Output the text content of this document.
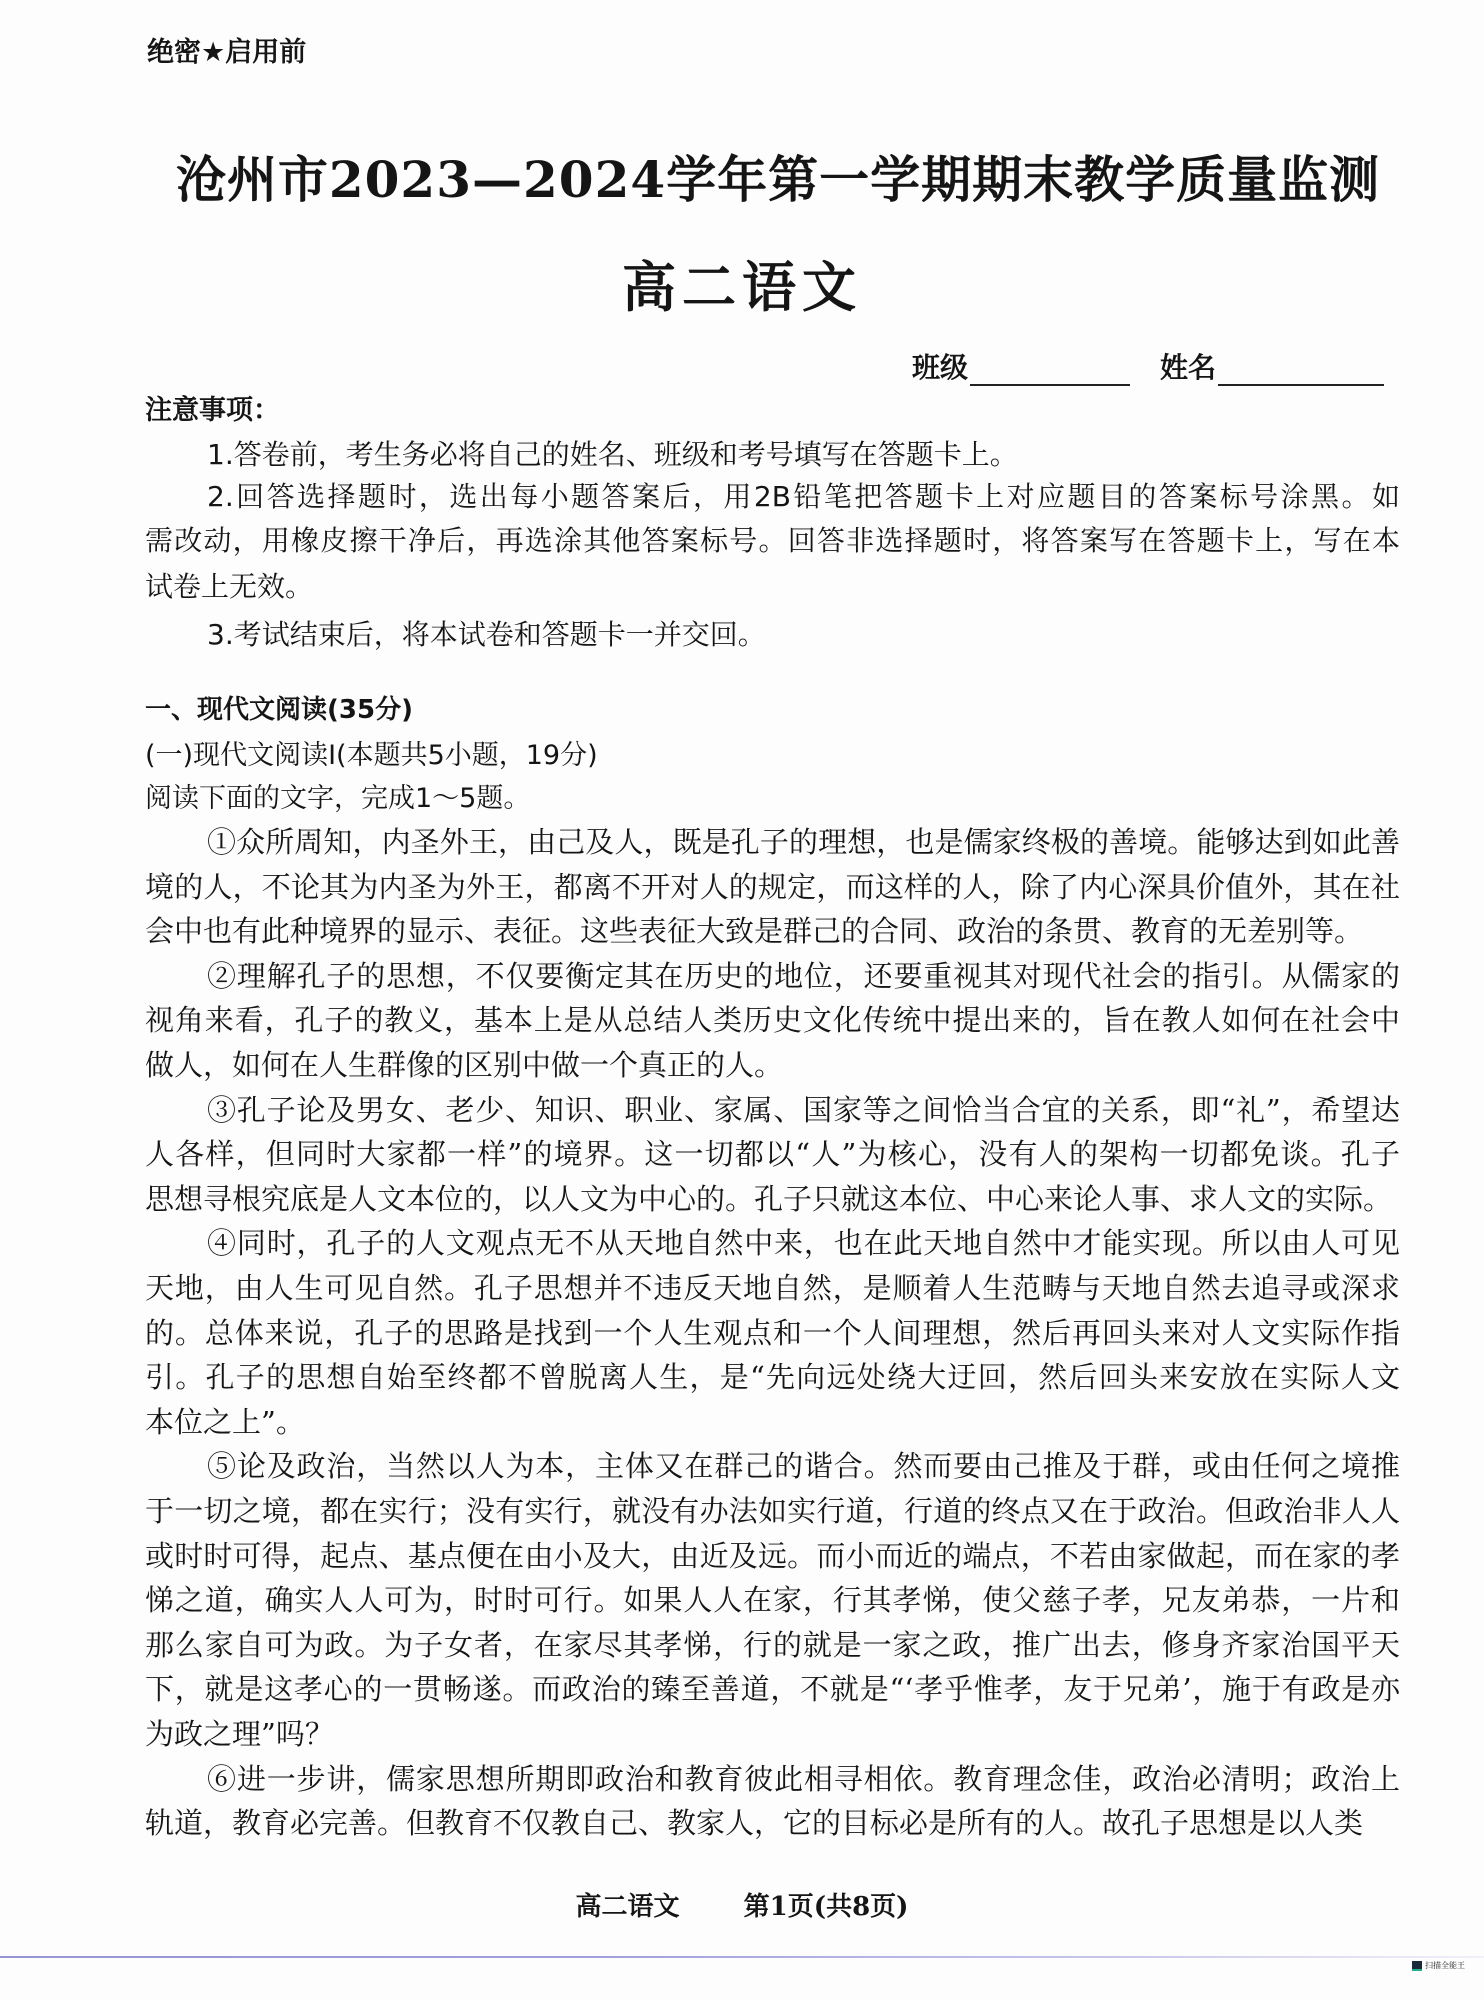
绝密★启用前
沧州市2023—2024学年第一学期期末教学质量监测
高二语文
班级	姓名
注意事项：
1.答卷前，考生务必将自己的姓名、班级和考号填写在答题卡上。
2.回答选择题时，选出每小题答案后，用2B铅笔把答题卡上对应题目的答案标号涂黑。如
需改动，用橡皮擦干净后，再选涂其他答案标号。回答非选择题时，将答案写在答题卡上，写在本
试卷上无效。
3.考试结束后，将本试卷和答题卡一并交回。
一、现代文阅读(35分)
(一)现代文阅读Ⅰ(本题共5小题，19分)
阅读下面的文字，完成1～5题。
①众所周知，内圣外王，由己及人，既是孔子的理想，也是儒家终极的善境。能够达到如此善
境的人，不论其为内圣为外王，都离不开对人的规定，而这样的人，除了内心深具价值外，其在社
会中也有此种境界的显示、表征。这些表征大致是群己的合同、政治的条贯、教育的无差别等。
②理解孔子的思想，不仅要衡定其在历史的地位，还要重视其对现代社会的指引。从儒家的
视角来看，孔子的教义，基本上是从总结人类历史文化传统中提出来的，旨在教人如何在社会中
做人，如何在人生群像的区别中做一个真正的人。
③孔子论及男女、老少、知识、职业、家属、国家等之间恰当合宜的关系，即“礼”，希望达
人各样，但同时大家都一样”的境界。这一切都以“人”为核心，没有人的架构一切都免谈。孔子
思想寻根究底是人文本位的，以人文为中心的。孔子只就这本位、中心来论人事、求人文的实际。
④同时，孔子的人文观点无不从天地自然中来，也在此天地自然中才能实现。所以由人可见
天地，由人生可见自然。孔子思想并不违反天地自然，是顺着人生范畴与天地自然去追寻或深求
的。总体来说，孔子的思路是找到一个人生观点和一个人间理想，然后再回头来对人文实际作指
引。孔子的思想自始至终都不曾脱离人生，是“先向远处绕大迂回，然后回头来安放在实际人文
本位之上”。
⑤论及政治，当然以人为本，主体又在群己的谐合。然而要由己推及于群，或由任何之境推
于一切之境，都在实行；没有实行，就没有办法如实行道，行道的终点又在于政治。但政治非人人
或时时可得，起点、基点便在由小及大，由近及远。而小而近的端点，不若由家做起，而在家的孝
悌之道，确实人人可为，时时可行。如果人人在家，行其孝悌，使父慈子孝，兄友弟恭，一片和
那么家自可为政。为子女者，在家尽其孝悌，行的就是一家之政，推广出去，修身齐家治国平天
下，就是这孝心的一贯畅遂。而政治的臻至善道，不就是“‘孝乎惟孝，友于兄弟’，施于有政是亦
为政之理”吗？
⑥进一步讲，儒家思想所期即政治和教育彼此相寻相依。教育理念佳，政治必清明；政治上
轨道，教育必完善。但教育不仅教自己、教家人，它的目标必是所有的人。故孔子思想是以人类
高二语文 第1页(共8页)
扫描全能王
